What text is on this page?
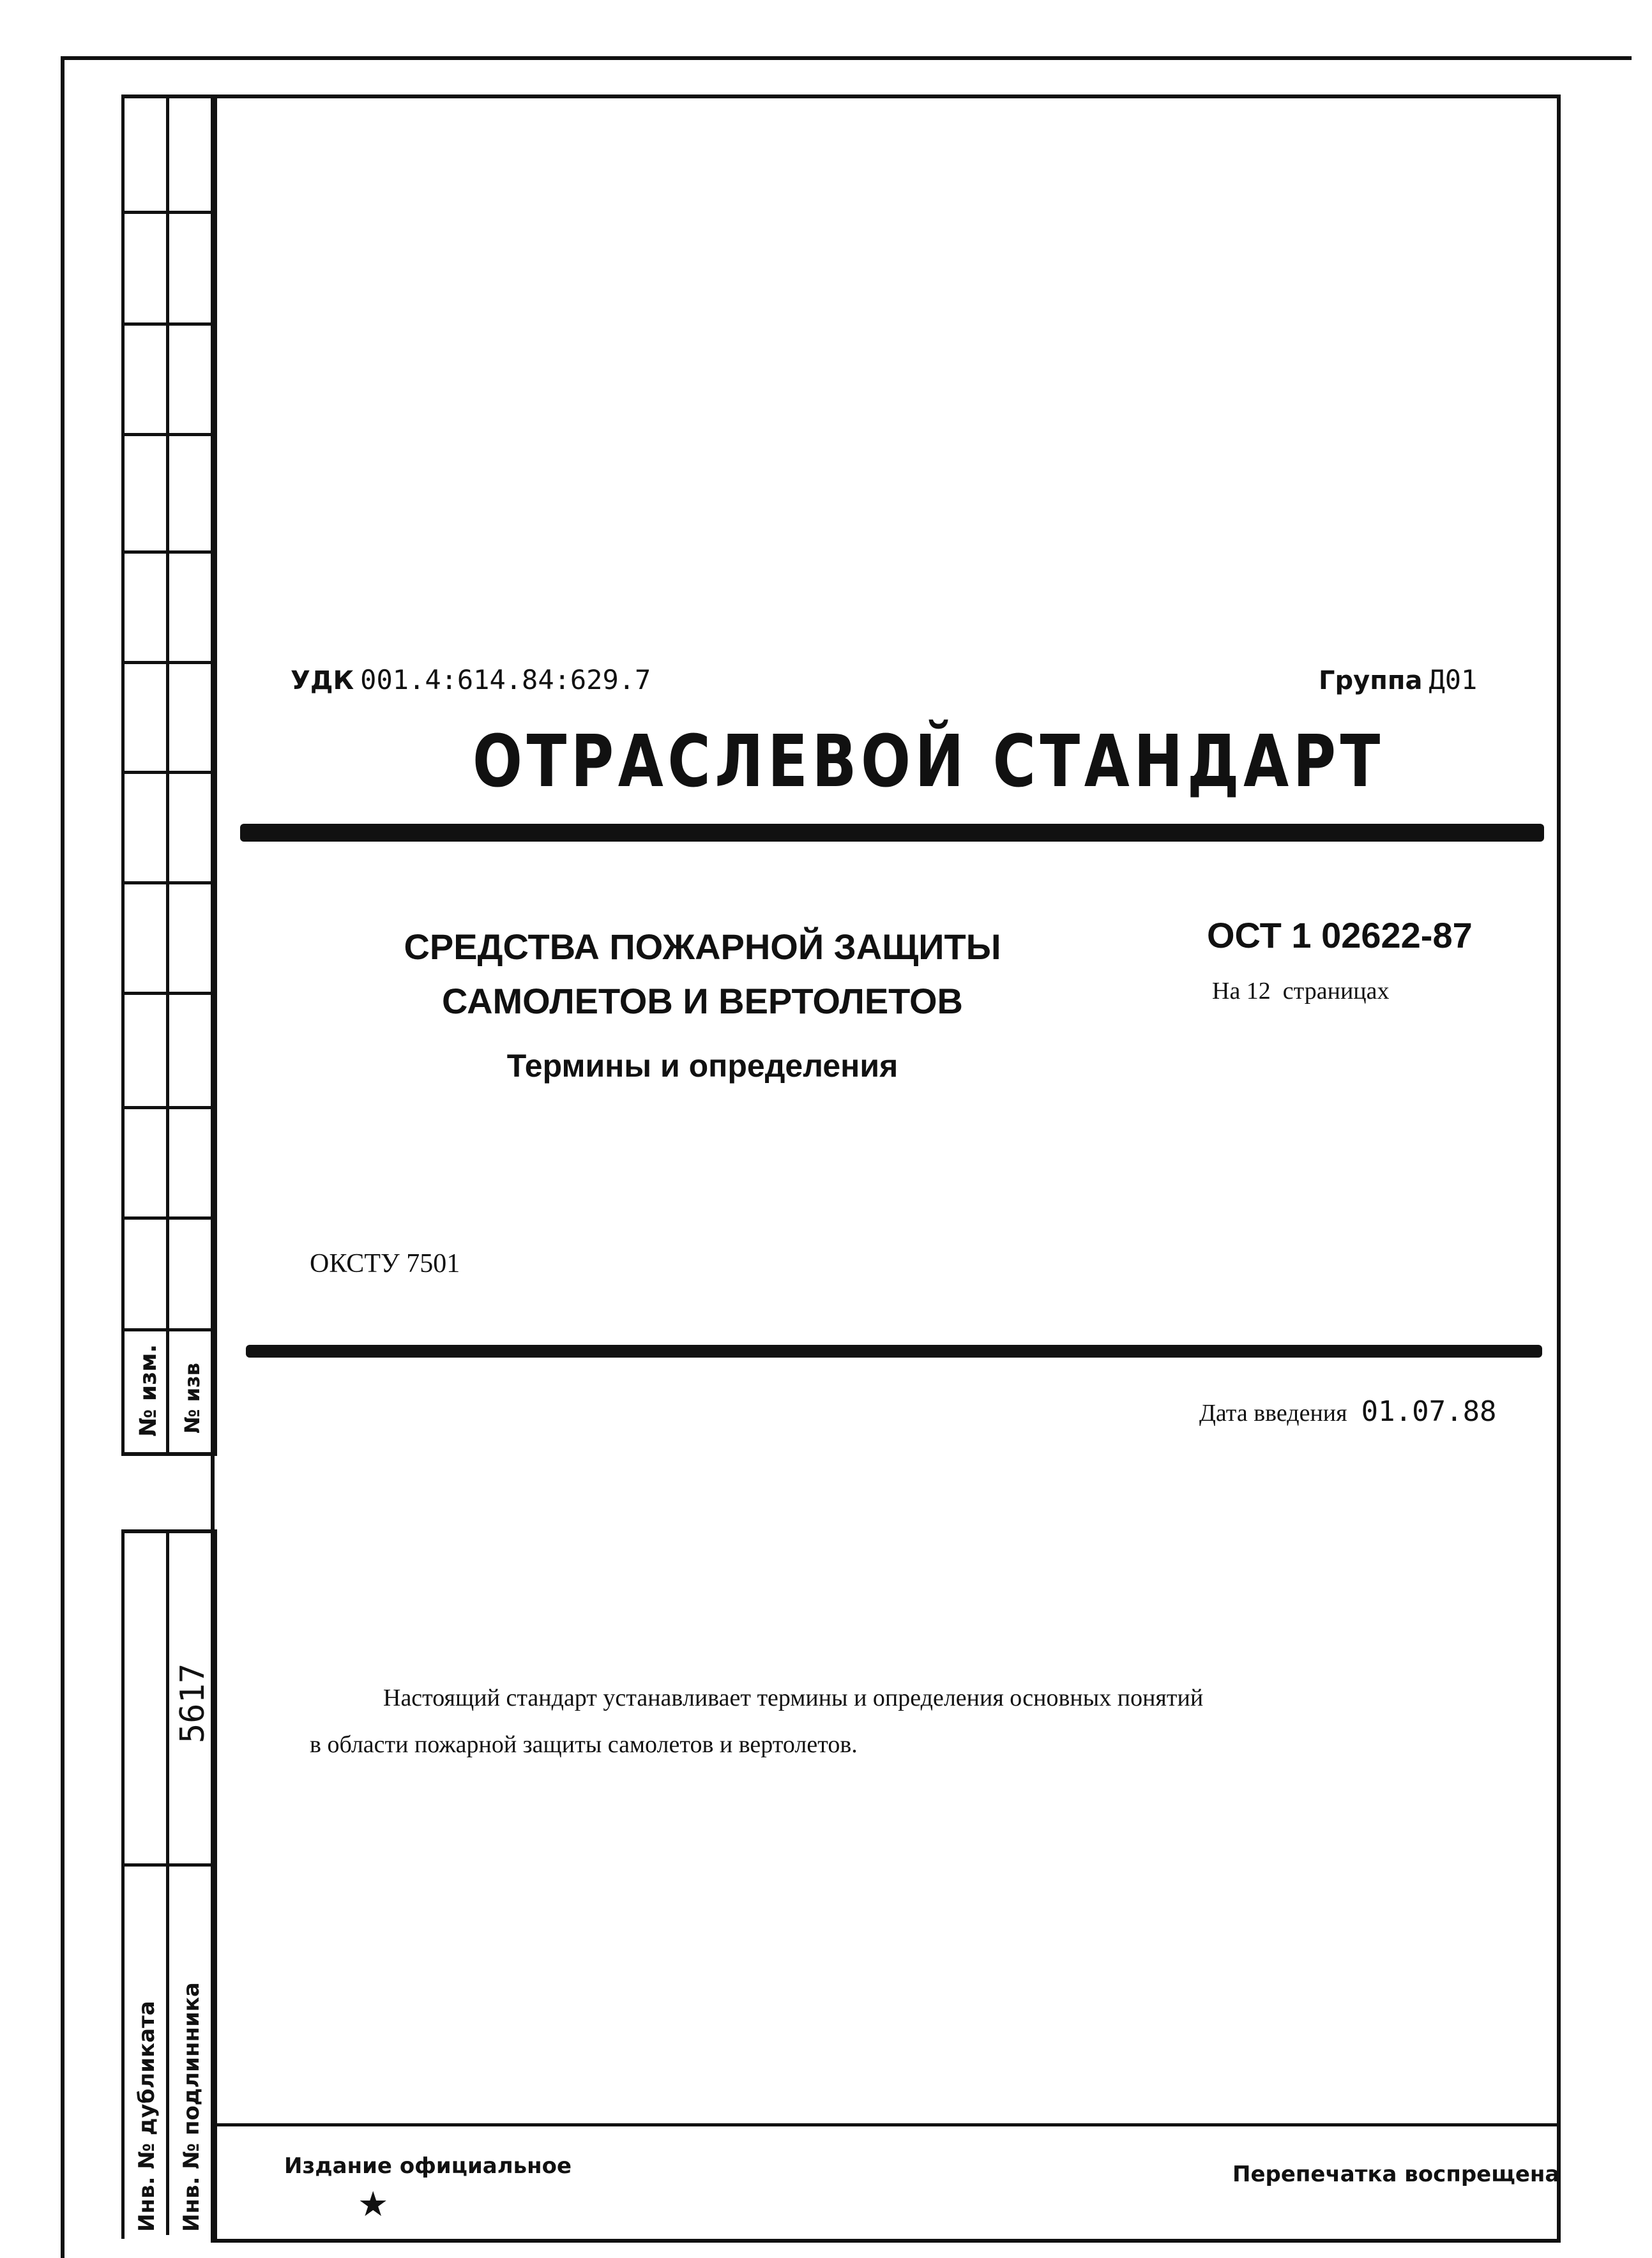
№ изм. № изв
5617
Инв. № дубликата Инв. № подлинника
УДК 001.4:614.84:629.7	Группа Д01
ОТРАСЛЕВОЙ СТАНДАРТ
СРЕДСТВА ПОЖАРНОЙ ЗАЩИТЫ
САМОЛЕТОВ И ВЕРТОЛЕТОВ
Термины и определения
ОСТ 1 02622-87
На 12  страницах
ОКСТУ 7501
Дата введения 01.07.88
Настоящий стандарт устанавливает термины и определения основных понятий
в области пожарной защиты самолетов и вертолетов.
Издание официальное
★
Перепечатка воспрещена
